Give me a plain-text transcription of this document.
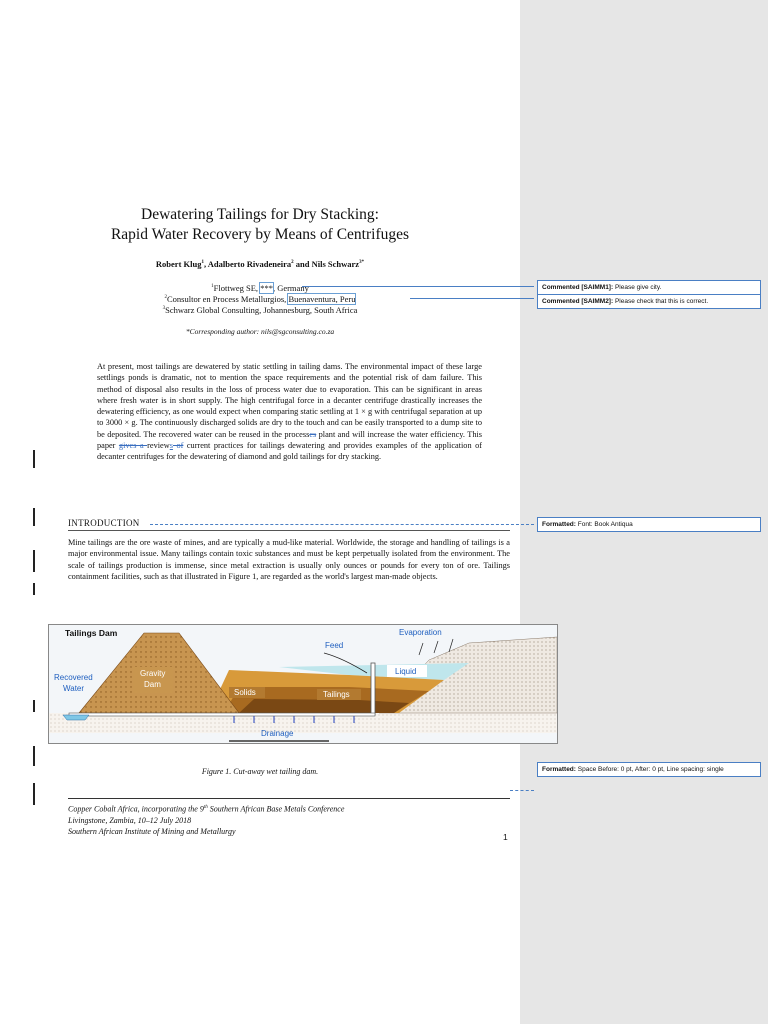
Dewatering Tailings for Dry Stacking:
Rapid Water Recovery by Means of Centrifuges
Robert Klug$^1$, Adalberto Rivadeneira$^2$ and Nils Schwarz$^{3*}$
$^1$Flottweg SE, ***, Germany
$^2$Consultor en Process Metallurgios, Buenaventura, Peru
$^3$Schwarz Global Consulting, Johannesburg, South Africa
*Corresponding author: nils@sgconsulting.co.za
At present, most tailings are dewatered by static settling in tailing dams. The environmental impact of these large settlings ponds is dramatic, not to mention the space requirements and the potential risk of dam failure. This method of disposal also results in the loss of process water due to evaporation. This can be significant in areas where fresh water is in short supply. The high centrifugal force in a decanter centrifuge drastically increases the dewatering efficiency, as one would expect when comparing static settling at 1 × g with centrifugal separation at up to 3000 × g. The continuously discharged solids are dry to the touch and can be easily transported to a dump site to be deposited. The recovered water can be reused in the processes plant and will increase the water efficiency. This paper gives a reviews of current practices for tailings dewatering and provides examples of the application of decanter centrifuges for the dewatering of diamond and gold tailings for dry stacking.
INTRODUCTION
Mine tailings are the ore waste of mines, and are typically a mud-like material. Worldwide, the storage and handling of tailings is a major environmental issue. Many tailings contain toxic substances and must be kept perpetually isolated from the environment. The scale of tailings production is immense, since metal extraction is usually only ounces or pounds for every ton of ore. Tailings containment facilities, such as that illustrated in Figure 1, are regarded as the world's largest man-made objects.
Tailings Dam
Recovered
Water
Gravity
Dam
Feed
Evaporation
Liquid
Solids	Tailings
Drainage
Figure 1. Cut-away wet tailing dam.
Copper Cobalt Africa, incorporating the 9th Southern African Base Metals Conference
Livingstone, Zambia, 10–12 July 2018
Southern African Institute of Mining and Metallurgy
1
Commented [SAIMM1]: Please give city.
Commented [SAIMM2]: Please check that this is correct.
Formatted: Font: Book Antiqua
Formatted: Space Before: 0 pt, After: 0 pt, Line spacing: single
